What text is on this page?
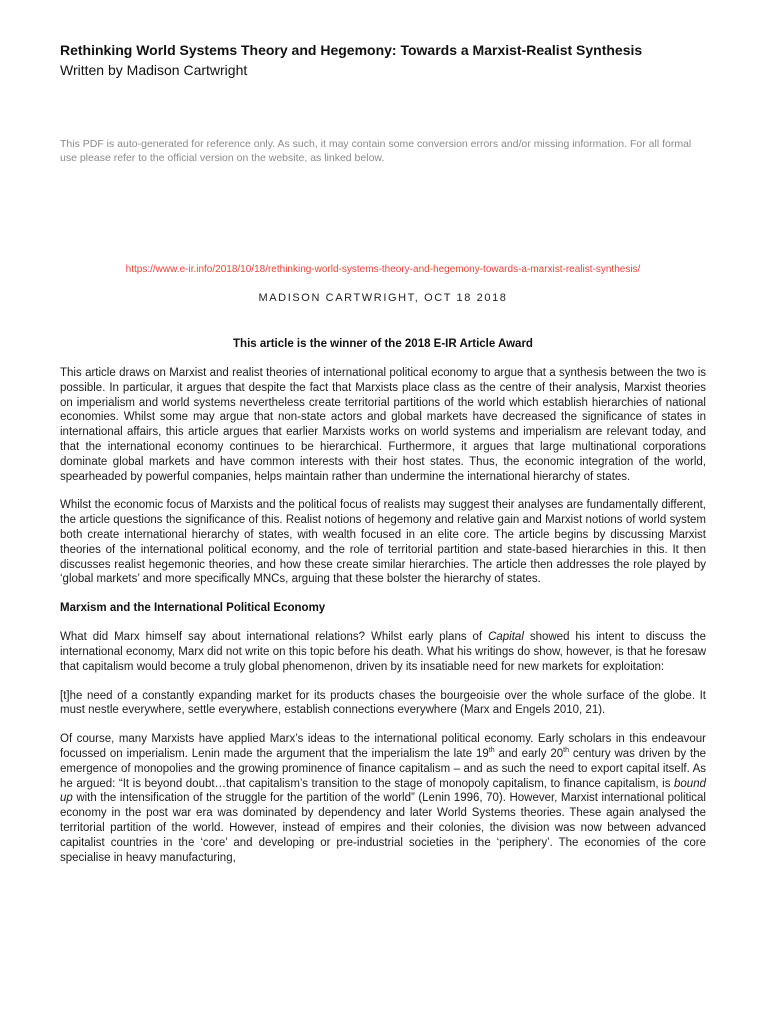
Rethinking World Systems Theory and Hegemony: Towards a Marxist-Realist Synthesis
Written by Madison Cartwright
This PDF is auto-generated for reference only. As such, it may contain some conversion errors and/or missing information. For all formal use please refer to the official version on the website, as linked below.
https://www.e-ir.info/2018/10/18/rethinking-world-systems-theory-and-hegemony-towards-a-marxist-realist-synthesis/
MADISON CARTWRIGHT, OCT 18 2018
This article is the winner of the 2018 E-IR Article Award

This article draws on Marxist and realist theories of international political economy to argue that a synthesis between the two is possible. In particular, it argues that despite the fact that Marxists place class as the centre of their analysis, Marxist theories on imperialism and world systems nevertheless create territorial partitions of the world which establish hierarchies of national economies. Whilst some may argue that non-state actors and global markets have decreased the significance of states in international affairs, this article argues that earlier Marxists works on world systems and imperialism are relevant today, and that the international economy continues to be hierarchical. Furthermore, it argues that large multinational corporations dominate global markets and have common interests with their host states. Thus, the economic integration of the world, spearheaded by powerful companies, helps maintain rather than undermine the international hierarchy of states.

Whilst the economic focus of Marxists and the political focus of realists may suggest their analyses are fundamentally different, the article questions the significance of this. Realist notions of hegemony and relative gain and Marxist notions of world system both create international hierarchy of states, with wealth focused in an elite core. The article begins by discussing Marxist theories of the international political economy, and the role of territorial partition and state-based hierarchies in this. It then discusses realist hegemonic theories, and how these create similar hierarchies. The article then addresses the role played by ‘global markets’ and more specifically MNCs, arguing that these bolster the hierarchy of states.

Marxism and the International Political Economy

What did Marx himself say about international relations? Whilst early plans of Capital showed his intent to discuss the international economy, Marx did not write on this topic before his death. What his writings do show, however, is that he foresaw that capitalism would become a truly global phenomenon, driven by its insatiable need for new markets for exploitation:

[t]he need of a constantly expanding market for its products chases the bourgeoisie over the whole surface of the globe. It must nestle everywhere, settle everywhere, establish connections everywhere (Marx and Engels 2010, 21).

Of course, many Marxists have applied Marx’s ideas to the international political economy. Early scholars in this endeavour focussed on imperialism. Lenin made the argument that the imperialism the late 19th and early 20th century was driven by the emergence of monopolies and the growing prominence of finance capitalism – and as such the need to export capital itself. As he argued: “It is beyond doubt…that capitalism’s transition to the stage of monopoly capitalism, to finance capitalism, is bound up with the intensification of the struggle for the partition of the world” (Lenin 1996, 70). However, Marxist international political economy in the post war era was dominated by dependency and later World Systems theories. These again analysed the territorial partition of the world. However, instead of empires and their colonies, the division was now between advanced capitalist countries in the ‘core’ and developing or pre-industrial societies in the ‘periphery’. The economies of the core specialise in heavy manufacturing,
